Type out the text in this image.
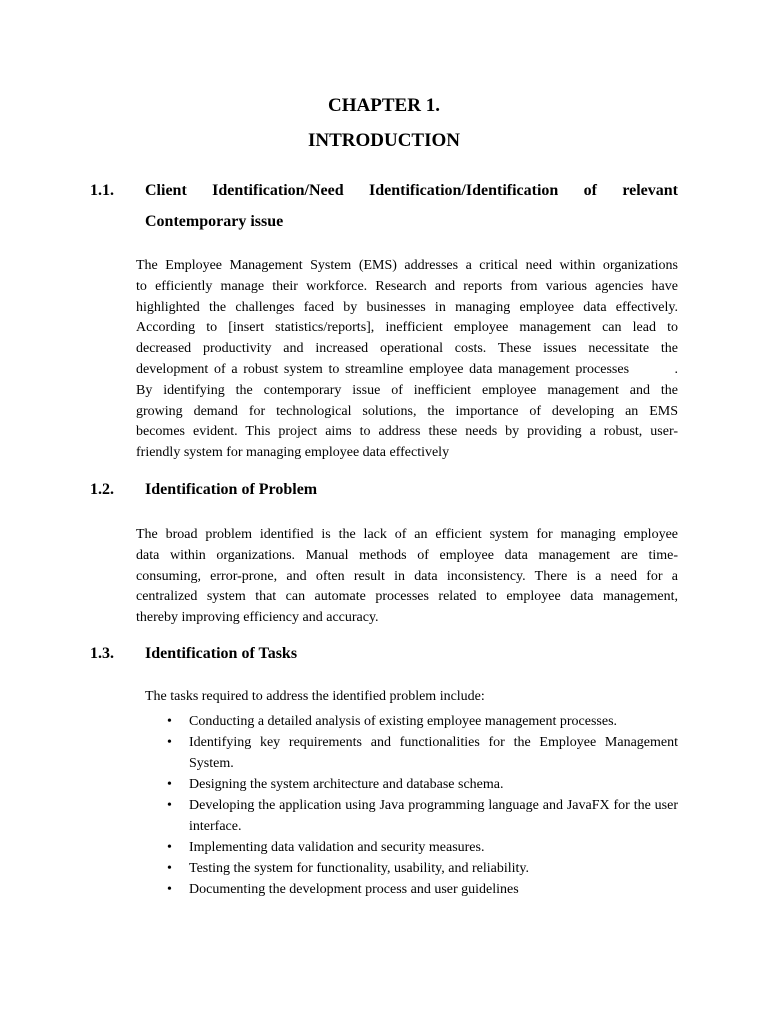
CHAPTER 1.
INTRODUCTION
1.1. Client Identification/Need Identification/Identification of relevant
Contemporary issue

The Employee Management System (EMS) addresses a critical need within organizations
to efficiently manage their workforce. Research and reports from various agencies have
highlighted the challenges faced by businesses in managing employee data effectively.
According to [insert statistics/reports], inefficient employee management can lead to
decreased productivity and increased operational costs. These issues necessitate the
development of a robust system to streamline employee data management processes        .
By identifying the contemporary issue of inefficient employee management and the
growing demand for technological solutions, the importance of developing an EMS
becomes evident. This project aims to address these needs by providing a robust, user-
friendly system for managing employee data effectively

1.2. Identification of Problem

The broad problem identified is the lack of an efficient system for managing employee
data within organizations. Manual methods of employee data management are time-
consuming, error-prone, and often result in data inconsistency. There is a need for a
centralized system that can automate processes related to employee data management,
thereby improving efficiency and accuracy.

1.3. Identification of Tasks
The tasks required to address the identified problem include:
• Conducting a detailed analysis of existing employee management processes.
• Identifying key requirements and functionalities for the Employee Management System.
• Designing the system architecture and database schema.
• Developing the application using Java programming language and JavaFX for the user interface.
• Implementing data validation and security measures.
• Testing the system for functionality, usability, and reliability.
• Documenting the development process and user guidelines
